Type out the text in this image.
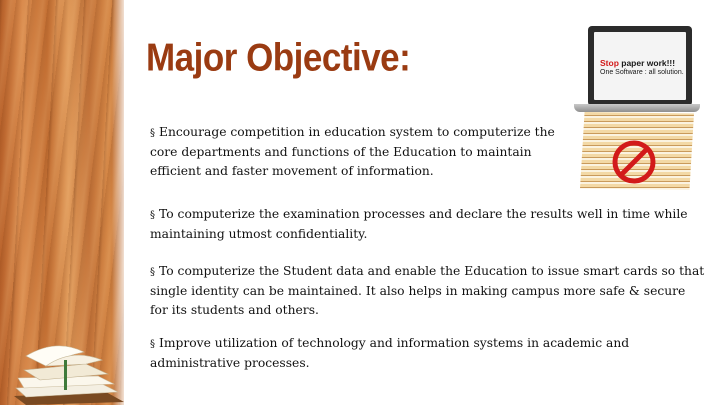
Major Objective:
§ Encourage competition in education system to computerize the core departments and functions of the Education to maintain efficient and faster movement of information.
§ To computerize the examination processes and declare the results well in time while maintaining utmost confidentiality.
§ To computerize the Student data and enable the Education to issue smart cards so that single identity can be maintained. It also helps in making campus more safe & secure for its students and others.
§ Improve utilization of technology and information systems in academic and administrative processes.
Stop paper work!!!
One Software : all solution.
